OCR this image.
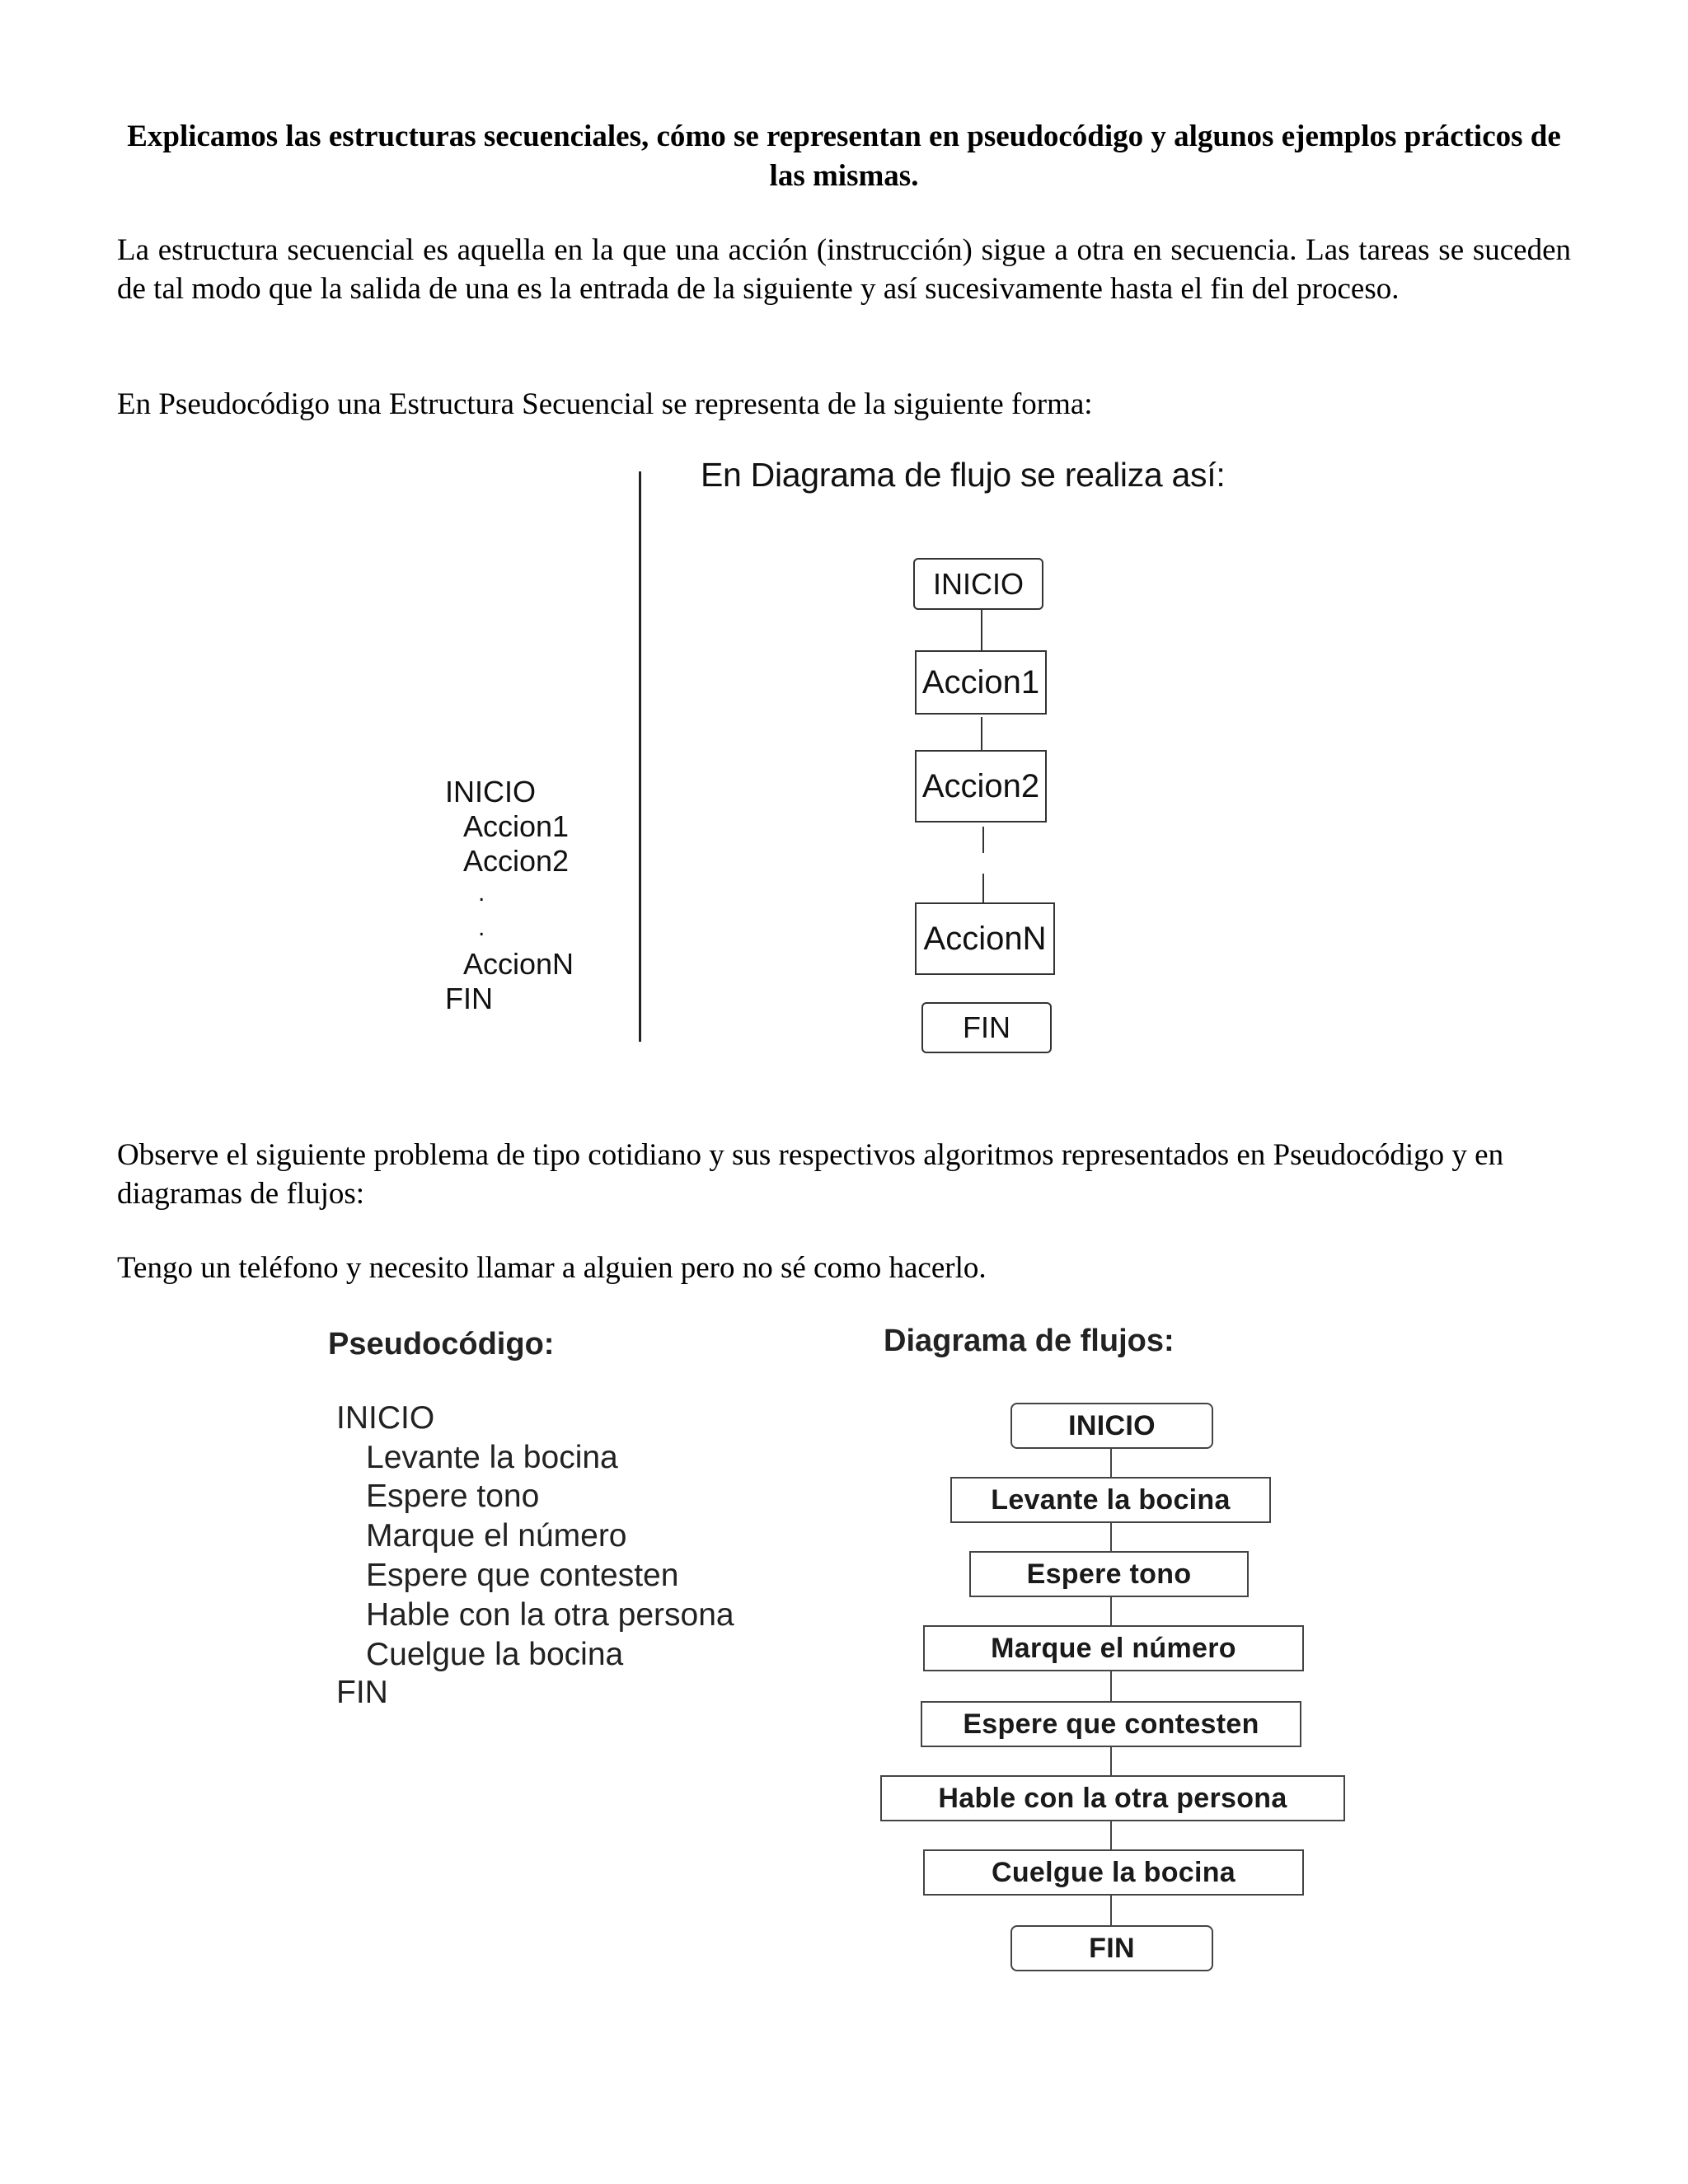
Explicamos las estructuras secuenciales, cómo se representan en pseudocódigo y algunos ejemplos prácticos de las mismas.
La estructura secuencial es aquella en la que una acción (instrucción) sigue a otra en secuencia. Las tareas se suceden de tal modo que la salida de una es la entrada de la siguiente y así sucesivamente hasta el fin del proceso.
En Pseudocódigo una Estructura Secuencial se representa de la siguiente forma:
En Diagrama de flujo se realiza así:
INICIO
Accion1
Accion2
.
.
AccionN
FIN
INICIO
Accion1
Accion2
AccionN
FIN
Observe el siguiente problema de tipo cotidiano y sus respectivos algoritmos representados en Pseudocódigo y en diagramas de flujos:
Tengo un teléfono y necesito llamar a alguien pero no sé como hacerlo.
Pseudocódigo:	Diagrama de flujos:
INICIO
Levante la bocina
Espere tono
Marque el número
Espere que contesten
Hable con la otra persona
Cuelgue la bocina
FIN
INICIO
Levante la bocina
Espere tono
Marque el número
Espere que contesten
Hable con la otra persona
Cuelgue la bocina
FIN
